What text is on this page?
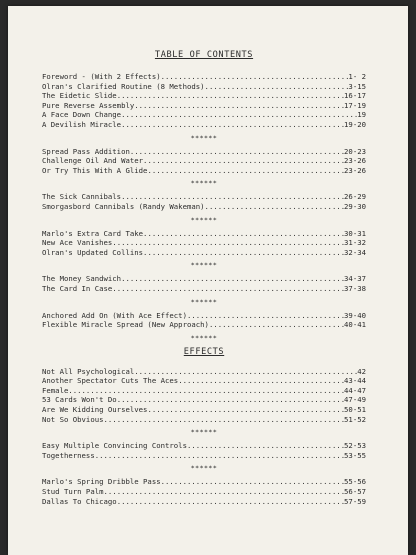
TABLE OF CONTENTS
Foreword - (With 2 Effects) .....	1- 2
Olran's Clarified Routine (8 Methods) .....	3-15
The Eidetic Slide .....	16-17
Pure Reverse Assembly .....	17-19
A Face Down Change .....	19
A Devilish Miracle .....	19-20
******
Spread Pass Addition .....	20-23
Challenge Oil And Water .....	23-26
Or Try This With A Glide .....	23-26
******
The Sick Cannibals .....	26-29
Smorgasbord Cannibals (Randy Wakeman) .....	29-30
******
Marlo's Extra Card Take .....	30-31
New Ace Vanishes .....	31-32
Olran's Updated Collins .....	32-34
******
The Money Sandwich .....	34-37
The Card In Case .....	37-38
******
Anchored Add On (With Ace Effect) .....	39-40
Flexible Miracle Spread (New Approach) .....	40-41
******
EFFECTS
Not All Psychological .....	42
Another Spectator Cuts The Aces .....	43-44
Female .....	44-47
53 Cards Won't Do .....	47-49
Are We Kidding Ourselves .....	50-51
Not So Obvious .....	51-52
******
Easy Multiple Convincing Controls .....	52-53
Togetherness .....	53-55
******
Marlo's Spring Dribble Pass .....	55-56
Stud Turn Palm .....	56-57
Dallas To Chicago .....	57-59
